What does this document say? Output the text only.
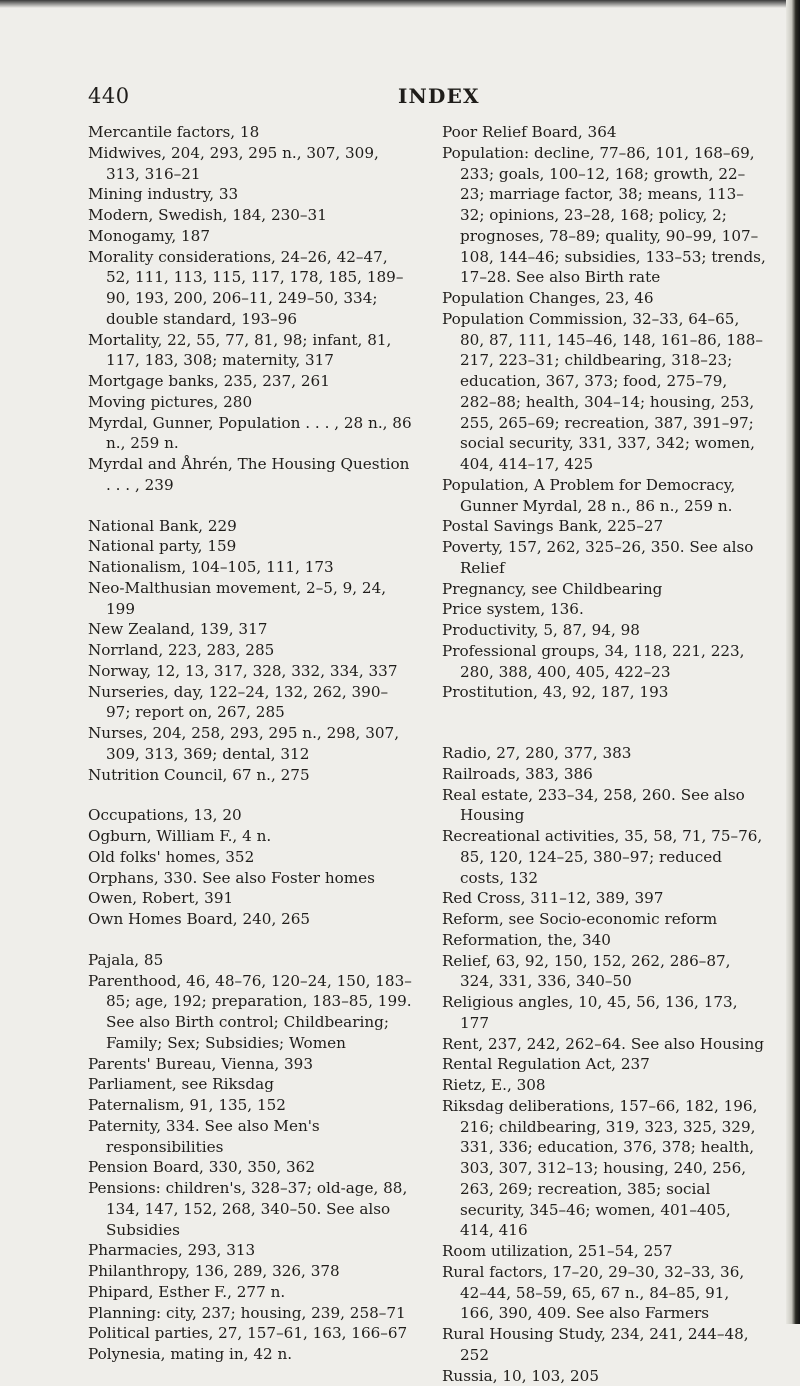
440	INDEX
Mercantile factors, 18
Midwives, 204, 293, 295 n., 307, 309, 313, 316–21
Mining industry, 33
Modern, Swedish, 184, 230–31
Monogamy, 187
Morality considerations, 24–26, 42–47, 52, 111, 113, 115, 117, 178, 185, 189–90, 193, 200, 206–11, 249–50, 334; double standard, 193–96
Mortality, 22, 55, 77, 81, 98; infant, 81, 117, 183, 308; maternity, 317
Mortgage banks, 235, 237, 261
Moving pictures, 280
Myrdal, Gunner, Population . . . , 28 n., 86 n., 259 n.
Myrdal and Åhrén, The Housing Question . . . , 239
National Bank, 229
National party, 159
Nationalism, 104–105, 111, 173
Neo-Malthusian movement, 2–5, 9, 24, 199
New Zealand, 139, 317
Norrland, 223, 283, 285
Norway, 12, 13, 317, 328, 332, 334, 337
Nurseries, day, 122–24, 132, 262, 390–97; report on, 267, 285
Nurses, 204, 258, 293, 295 n., 298, 307, 309, 313, 369; dental, 312
Nutrition Council, 67 n., 275
Occupations, 13, 20
Ogburn, William F., 4 n.
Old folks' homes, 352
Orphans, 330. See also Foster homes
Owen, Robert, 391
Own Homes Board, 240, 265
Pajala, 85
Parenthood, 46, 48–76, 120–24, 150, 183–85; age, 192; preparation, 183–85, 199. See also Birth control; Childbearing; Family; Sex; Subsidies; Women
Parents' Bureau, Vienna, 393
Parliament, see Riksdag
Paternalism, 91, 135, 152
Paternity, 334. See also Men's responsibilities
Pension Board, 330, 350, 362
Pensions: children's, 328–37; old-age, 88, 134, 147, 152, 268, 340–50. See also Subsidies
Pharmacies, 293, 313
Philanthropy, 136, 289, 326, 378
Phipard, Esther F., 277 n.
Planning: city, 237; housing, 239, 258–71
Political parties, 27, 157–61, 163, 166–67
Polynesia, mating in, 42 n.
Poor Relief Board, 364
Population: decline, 77–86, 101, 168–69, 233; goals, 100–12, 168; growth, 22–23; marriage factor, 38; means, 113–32; opinions, 23–28, 168; policy, 2; prognoses, 78–89; quality, 90–99, 107–108, 144–46; subsidies, 133–53; trends, 17–28. See also Birth rate
Population Changes, 23, 46
Population Commission, 32–33, 64–65, 80, 87, 111, 145–46, 148, 161–86, 188–217, 223–31; childbearing, 318–23; education, 367, 373; food, 275–79, 282–88; health, 304–14; housing, 253, 255, 265–69; recreation, 387, 391–97; social security, 331, 337, 342; women, 404, 414–17, 425
Population, A Problem for Democracy, Gunner Myrdal, 28 n., 86 n., 259 n.
Postal Savings Bank, 225–27
Poverty, 157, 262, 325–26, 350. See also Relief
Pregnancy, see Childbearing
Price system, 136.
Productivity, 5, 87, 94, 98
Professional groups, 34, 118, 221, 223, 280, 388, 400, 405, 422–23
Prostitution, 43, 92, 187, 193
Radio, 27, 280, 377, 383
Railroads, 383, 386
Real estate, 233–34, 258, 260. See also Housing
Recreational activities, 35, 58, 71, 75–76, 85, 120, 124–25, 380–97; reduced costs, 132
Red Cross, 311–12, 389, 397
Reform, see Socio-economic reform
Reformation, the, 340
Relief, 63, 92, 150, 152, 262, 286–87, 324, 331, 336, 340–50
Religious angles, 10, 45, 56, 136, 173, 177
Rent, 237, 242, 262–64. See also Housing
Rental Regulation Act, 237
Rietz, E., 308
Riksdag deliberations, 157–66, 182, 196, 216; childbearing, 319, 323, 325, 329, 331, 336; education, 376, 378; health, 303, 307, 312–13; housing, 240, 256, 263, 269; recreation, 385; social security, 345–46; women, 401–405, 414, 416
Room utilization, 251–54, 257
Rural factors, 17–20, 29–30, 32–33, 36, 42–44, 58–59, 65, 67 n., 84–85, 91, 166, 390, 409. See also Farmers
Rural Housing Study, 234, 241, 244–48, 252
Russia, 10, 103, 205
